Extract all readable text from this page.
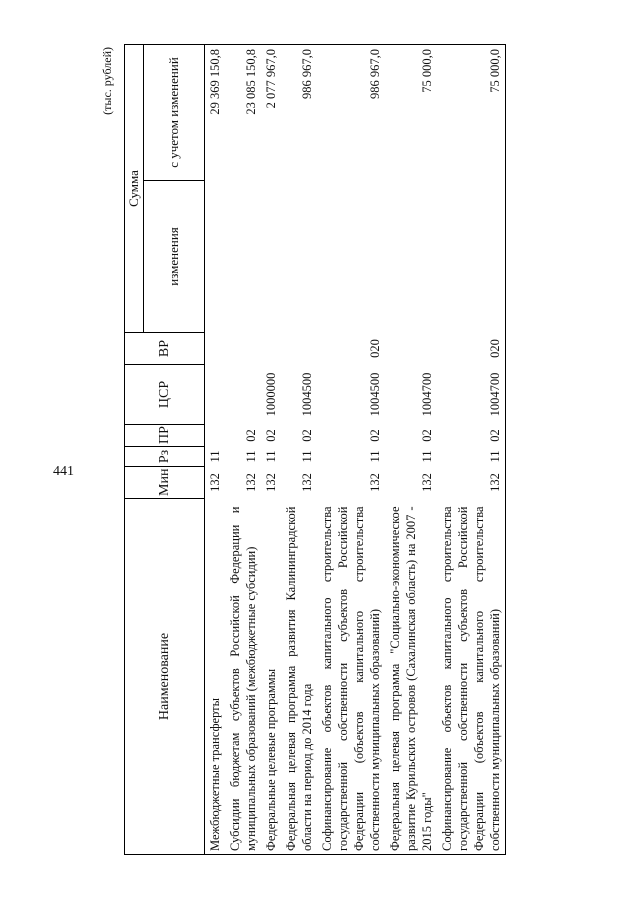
441
(тыс. рублей)
Наименование	Мин	Рз	ПР	ЦСР	ВР	Сумма	
						изменения	с учетом изменений
Межбюджетные трансферты	132	11					29 369 150,8
Субсидии бюджетам субъектов Российской Федерации и муниципальных образований (межбюджетные субсидии)	132	11	02				23 085 150,8
Федеральные целевые программы	132	11	02	1000000			2 077 967,0
Федеральная целевая программа развития Калининградской области на период до 2014 года	132	11	02	1004500			986 967,0
Софинансирование объектов капитального строительства государственной собственности субъектов Российской Федерации (объектов капитального строительства собственности муниципальных образований)	132	11	02	1004500	020		986 967,0
Федеральная целевая программа "Социально-экономическое развитие Курильских островов (Сахалинская область) на 2007 - 2015 годы"	132	11	02	1004700			75 000,0
Софинансирование объектов капитального строительства государственной собственности субъектов Российской Федерации (объектов капитального строительства собственности муниципальных образований)	132	11	02	1004700	020		75 000,0
